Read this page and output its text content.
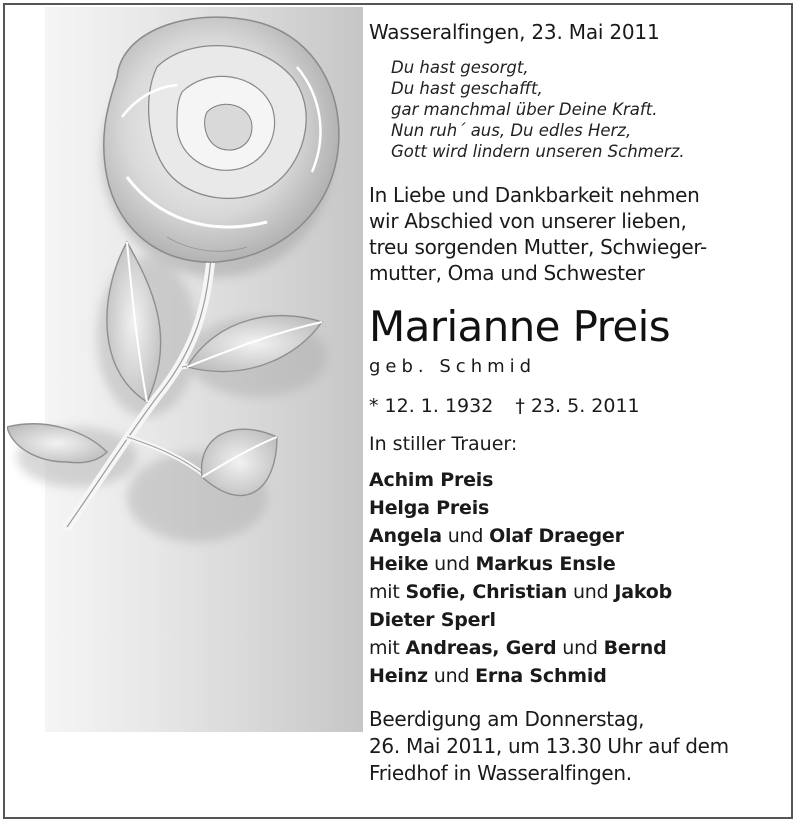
Wasseralfingen, 23. Mai 2011

Du hast gesorgt,
Du hast geschafft,
gar manchmal über Deine Kraft.
Nun ruh´ aus, Du edles Herz,
Gott wird lindern unseren Schmerz.
In Liebe und Dankbarkeit nehmen
wir Abschied von unserer lieben,
treu sorgenden Mutter, Schwieger-
mutter, Oma und Schwester
Marianne Preis
geb. Schmid
* 12. 1. 1932 † 23. 5. 2011
In stiller Trauer:
Achim Preis
Helga Preis
Angela und Olaf Draeger
Heike und Markus Ensle
mit Sofie, Christian und Jakob
Dieter Sperl
mit Andreas, Gerd und Bernd
Heinz und Erna Schmid
Beerdigung am Donnerstag,
26. Mai 2011, um 13.30 Uhr auf dem
Friedhof in Wasseralfingen.
